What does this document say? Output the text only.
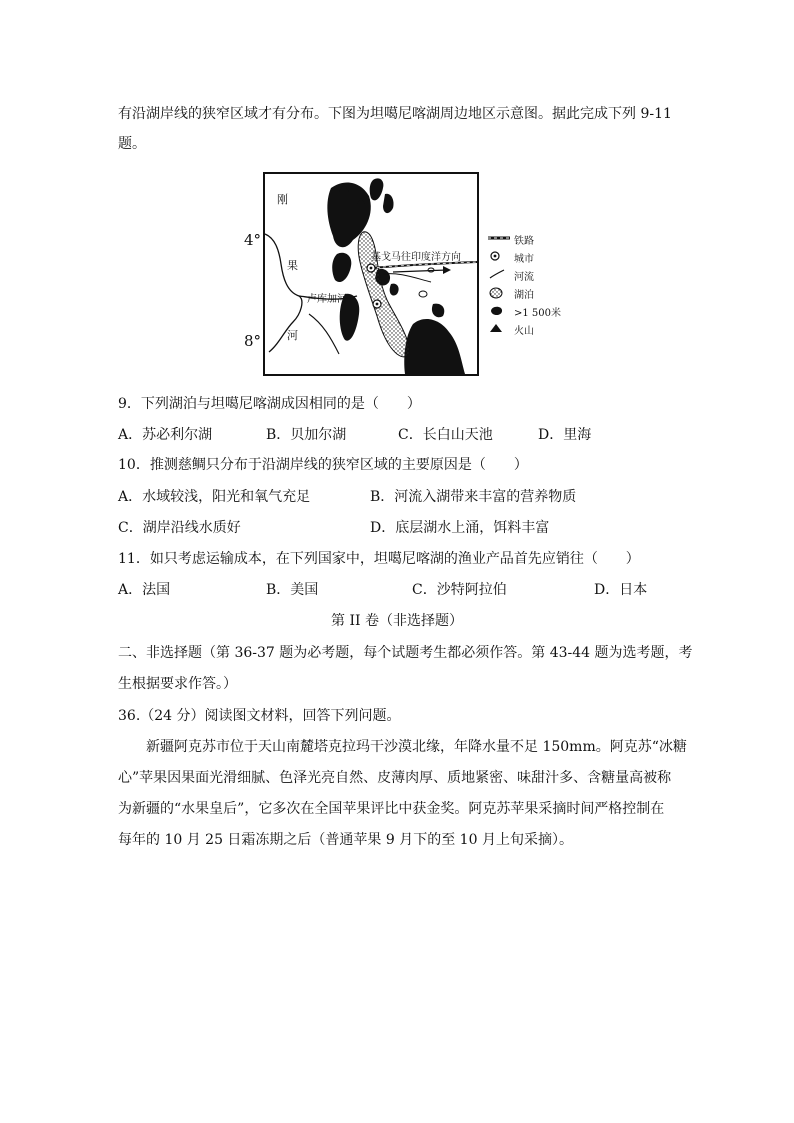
有沿湖岸线的狭窄区域才有分布。下图为坦噶尼喀湖周边地区示意图。据此完成下列 9-11
题。
4°
8°
刚
果
河
卢库加河
基戈马往印度洋方向
铁路
城市
河流
湖泊
>1 500米
火山
9．下列湖泊与坦噶尼喀湖成因相同的是（　　）
A．苏必利尔湖	B．贝加尔湖	C．长白山天池	D．里海
10．推测慈鲷只分布于沿湖岸线的狭窄区域的主要原因是（　　）
A．水域较浅，阳光和氧气充足	B．河流入湖带来丰富的营养物质
C．湖岸沿线水质好	D．底层湖水上涌，饵料丰富
11．如只考虑运输成本，在下列国家中，坦噶尼喀湖的渔业产品首先应销往（　　）
A．法国	B．美国	C．沙特阿拉伯	D．日本
第 II 卷（非选择题）
二、非选择题（第 36-37 题为必考题，每个试题考生都必须作答。第 43-44 题为选考题，考
生根据要求作答。）
36.（24 分）阅读图文材料，回答下列问题。
新疆阿克苏市位于天山南麓塔克拉玛干沙漠北缘，年降水量不足 150mm。阿克苏“冰糖
心”苹果因果面光滑细腻、色泽光亮自然、皮薄肉厚、质地紧密、味甜汁多、含糖量高被称
为新疆的“水果皇后”，它多次在全国苹果评比中获金奖。阿克苏苹果采摘时间严格控制在
每年的 10 月 25 日霜冻期之后（普通苹果 9 月下的至 10 月上旬采摘）。
